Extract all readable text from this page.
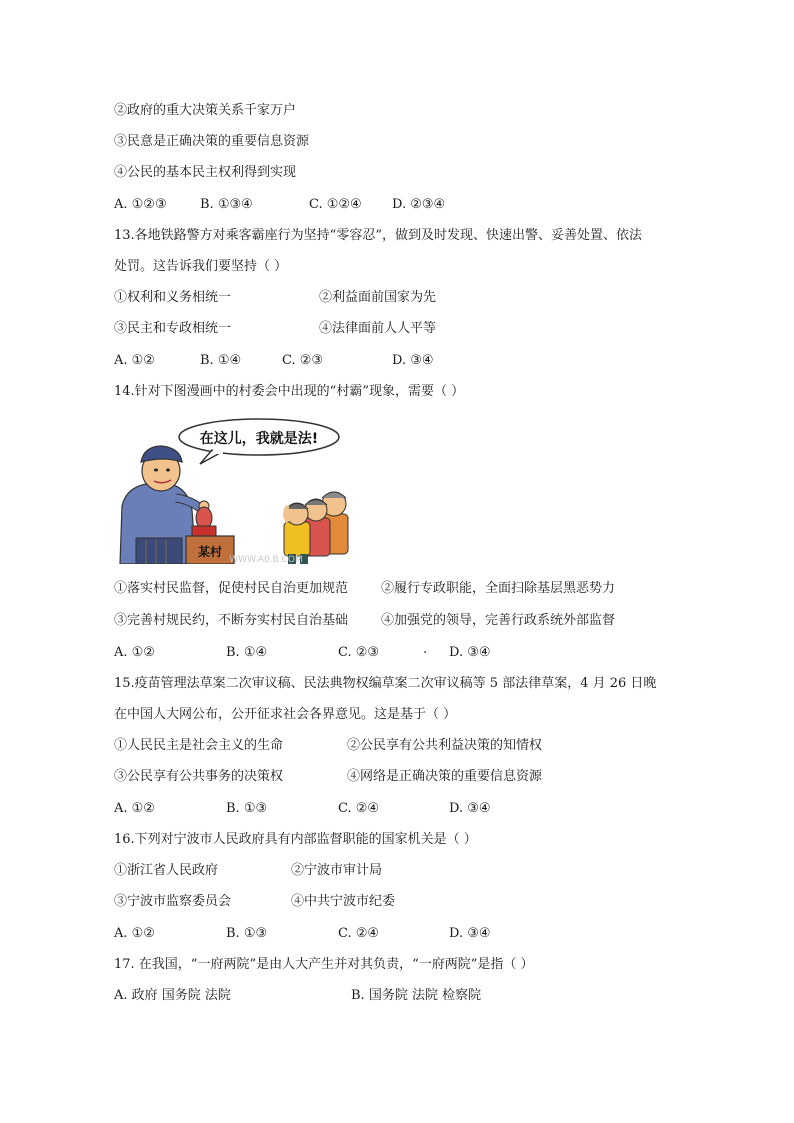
②政府的重大决策关系千家万户
③民意是正确决策的重要信息资源
④公民的基本民主权利得到实现
A. ①②③	B. ①③④	C. ①②④ D. ②③④
13.各地铁路警方对乘客霸座行为坚持“零容忍”，做到及时发现、快速出警、妥善处置、依法
处罚。这告诉我们要坚持（ ）
①权利和义务相统一	②利益面前国家为先
③民主和专政相统一	④法律面前人人平等
A. ①②	B. ①④	C. ②③	D. ③④
14.针对下图漫画中的村委会中出现的“村霸”现象，需要（ ）
在这儿，我就是法!
某村
WWW.A0.B.COM
①落实村民监督，促使村民自治更加规范	②履行专政职能，全面扫除基层黑恶势力
③完善村规民约，不断夯实村民自治基础	④加强党的领导，完善行政系统外部监督
A. ①②	B. ①④	C. ②③	. D. ③④
15.疫苗管理法草案二次审议稿、民法典物权编草案二次审议稿等 5 部法律草案，4 月 26 日晚
在中国人大网公布，公开征求社会各界意见。这是基于（ ）
①人民民主是社会主义的生命	②公民享有公共利益决策的知情权
③公民享有公共事务的决策权	④网络是正确决策的重要信息资源
A. ①②	B. ①③	C. ②④	D. ③④
16.下列对宁波市人民政府具有内部监督职能的国家机关是（ ）
①浙江省人民政府	②宁波市审计局
③宁波市监察委员会	④中共宁波市纪委
A. ①②	B. ①③	C. ②④	D. ③④
17. 在我国，“一府两院”是由人大产生并对其负责，“一府两院”是指（ ）
A. 政府 国务院 法院	B. 国务院 法院 检察院
